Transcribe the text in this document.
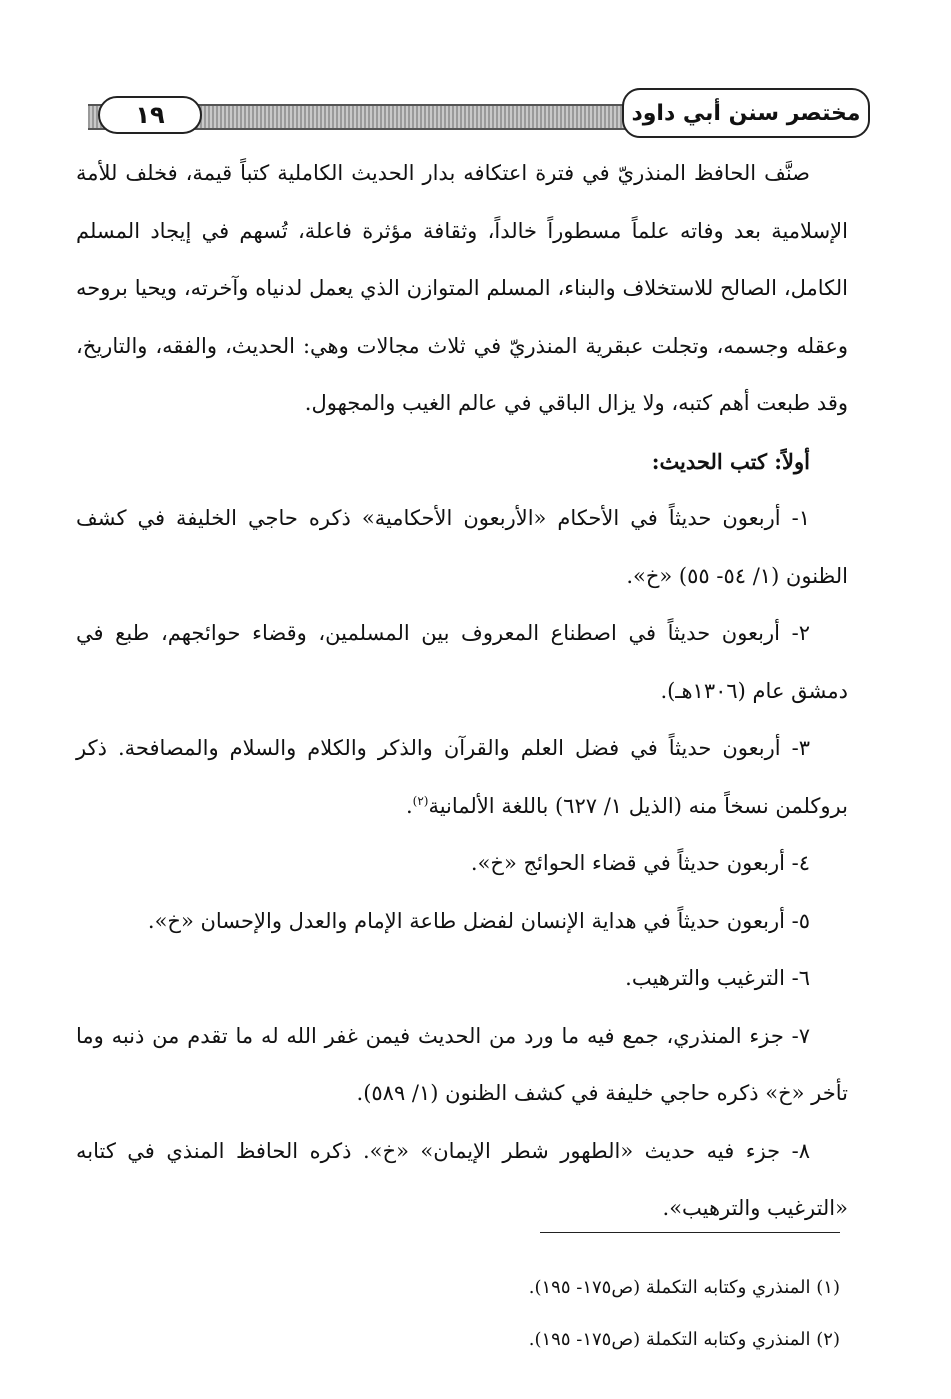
١٩	مختصر سنن أبي داود

صنَّف الحافظ المنذريّ في فترة اعتكافه بدار الحديث الكاملية كتباً قيمة، فخلف للأمة الإسلامية بعد وفاته علماً مسطوراً خالداً، وثقافة مؤثرة فاعلة، تُسهم في إيجاد المسلم الكامل، الصالح للاستخلاف والبناء، المسلم المتوازن الذي يعمل لدنياه وآخرته، ويحيا بروحه وعقله وجسمه، وتجلت عبقرية المنذريّ في ثلاث مجالات وهي: الحديث، والفقه، والتاريخ، وقد طبعت أهم كتبه، ولا يزال الباقي في عالم الغيب والمجهول.

أولاً: كتب الحديث:

١- أربعون حديثاً في الأحكام «الأربعون الأحكامية» ذكره حاجي الخليفة في كشف الظنون (١/ ٥٤- ٥٥) «خ».

٢- أربعون حديثاً في اصطناع المعروف بين المسلمين، وقضاء حوائجهم، طبع في دمشق عام (١٣٠٦هـ).

٣- أربعون حديثاً في فضل العلم والقرآن والذكر والكلام والسلام والمصافحة. ذكر بروكلمن نسخاً منه (الذيل ١/ ٦٢٧) باللغة الألمانية$^{(٢)}$.

٤- أربعون حديثاً في قضاء الحوائج «خ».

٥- أربعون حديثاً في هداية الإنسان لفضل طاعة الإمام والعدل والإحسان «خ».

٦- الترغيب والترهيب.

٧- جزء المنذري، جمع فيه ما ورد من الحديث فيمن غفر الله له ما تقدم من ذنبه وما تأخر «خ» ذكره حاجي خليفة في كشف الظنون (١/ ٥٨٩).

٨- جزء فيه حديث «الطهور شطر الإيمان» «خ». ذكره الحافظ المنذي في كتابه «الترغيب والترهيب».

(١) المنذري وكتابه التكملة (ص١٧٥- ١٩٥).

(٢) المنذري وكتابه التكملة (ص١٧٥- ١٩٥).
